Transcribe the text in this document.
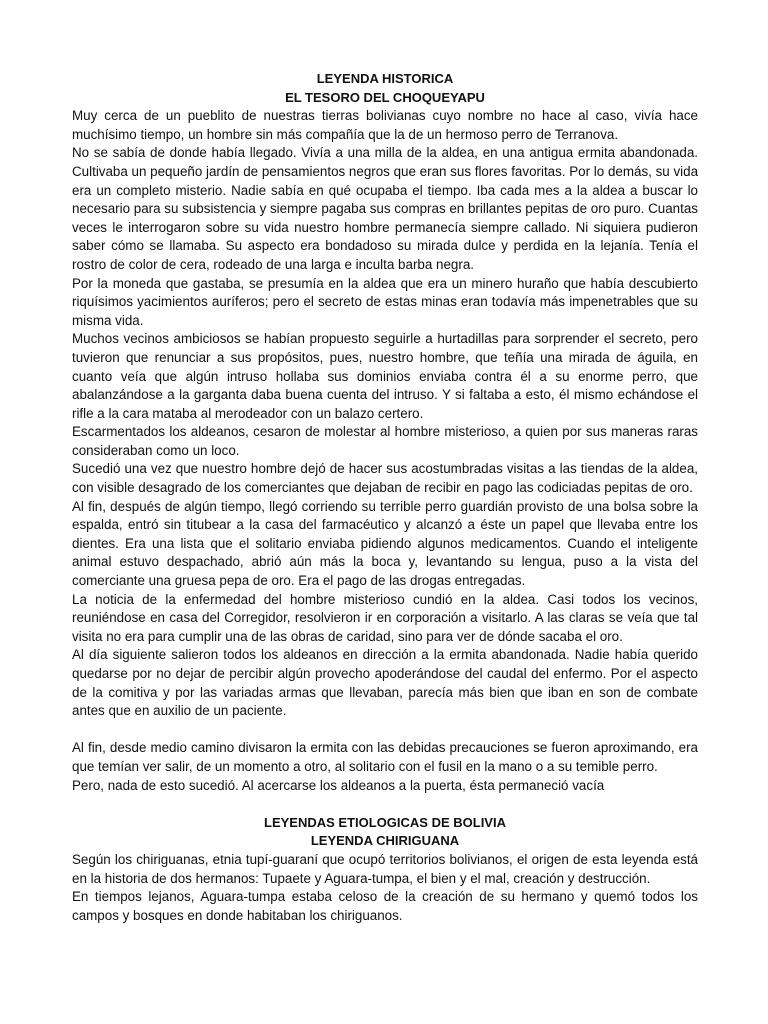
LEYENDA HISTORICA
EL TESORO DEL CHOQUEYAPU

Muy cerca de un pueblito de nuestras tierras bolivianas cuyo nombre no hace al caso, vivía hace muchísimo tiempo, un hombre sin más compañía que la de un hermoso perro de Terranova.

No se sabía de donde había llegado. Vivía a una milla de la aldea, en una antigua ermita abandonada. Cultivaba un pequeño jardín de pensamientos negros que eran sus flores favoritas. Por lo demás, su vida era un completo misterio. Nadie sabía en qué ocupaba el tiempo. Iba cada mes a la aldea a buscar lo necesario para su subsistencia y siempre pagaba sus compras en brillantes pepitas de oro puro. Cuantas veces le interrogaron sobre su vida nuestro hombre permanecía siempre callado. Ni siquiera pudieron saber cómo se llamaba. Su aspecto era bondadoso su mirada dulce y perdida en la lejanía. Tenía el rostro de color de cera, rodeado de una larga e inculta barba negra.

Por la moneda que gastaba, se presumía en la aldea que era un minero huraño que había descubierto riquísimos yacimientos auríferos; pero el secreto de estas minas eran todavía más impenetrables que su misma vida.

Muchos vecinos ambiciosos se habían propuesto seguirle a hurtadillas para sorprender el secreto, pero tuvieron que renunciar a sus propósitos, pues, nuestro hombre, que teñía una mirada de águila, en cuanto veía que algún intruso hollaba sus dominios enviaba contra él a su enorme perro, que abalanzándose a la garganta daba buena cuenta del intruso. Y si faltaba a esto, él mismo echándose el rifle a la cara mataba al merodeador con un balazo certero.

Escarmentados los aldeanos, cesaron de molestar al hombre misterioso, a quien por sus maneras raras consideraban como un loco.

Sucedió una vez que nuestro hombre dejó de hacer sus acostumbradas visitas a las tiendas de la aldea, con visible desagrado de los comerciantes que dejaban de recibir en pago las codiciadas pepitas de oro.

Al fin, después de algún tiempo, llegó corriendo su terrible perro guardián provisto de una bolsa sobre la espalda, entró sin titubear a la casa del farmacéutico y alcanzó a éste un papel que llevaba entre los dientes. Era una lista que el solitario enviaba pidiendo algunos medicamentos. Cuando el inteligente animal estuvo despachado, abrió aún más la boca y, levantando su lengua, puso a la vista del comerciante una gruesa pepa de oro. Era el pago de las drogas entregadas.

La noticia de la enfermedad del hombre misterioso cundió en la aldea. Casi todos los vecinos, reuniéndose en casa del Corregidor, resolvieron ir en corporación a visitarlo. A las claras se veía que tal visita no era para cumplir una de las obras de caridad, sino para ver de dónde sacaba el oro.

Al día siguiente salieron todos los aldeanos en dirección a la ermita abandonada. Nadie había querido quedarse por no dejar de percibir algún provecho apoderándose del caudal del enfermo. Por el aspecto de la comitiva y por las variadas armas que llevaban, parecía más bien que iban en son de combate antes que en auxilio de un paciente.

Al fin, desde medio camino divisaron la ermita con las debidas precauciones se fueron aproximando, era que temían ver salir, de un momento a otro, al solitario con el fusil en la mano o a su temible perro.

Pero, nada de esto sucedió. Al acercarse los aldeanos a la puerta, ésta permaneció vacía

LEYENDAS ETIOLOGICAS DE BOLIVIA
LEYENDA CHIRIGUANA

Según los chiriguanas, etnia tupí-guaraní que ocupó territorios bolivianos, el origen de esta leyenda está en la historia de dos hermanos: Tupaete y Aguara-tumpa, el bien y el mal, creación y destrucción.

En tiempos lejanos, Aguara-tumpa estaba celoso de la creación de su hermano y quemó todos los campos y bosques en donde habitaban los chiriguanos.
